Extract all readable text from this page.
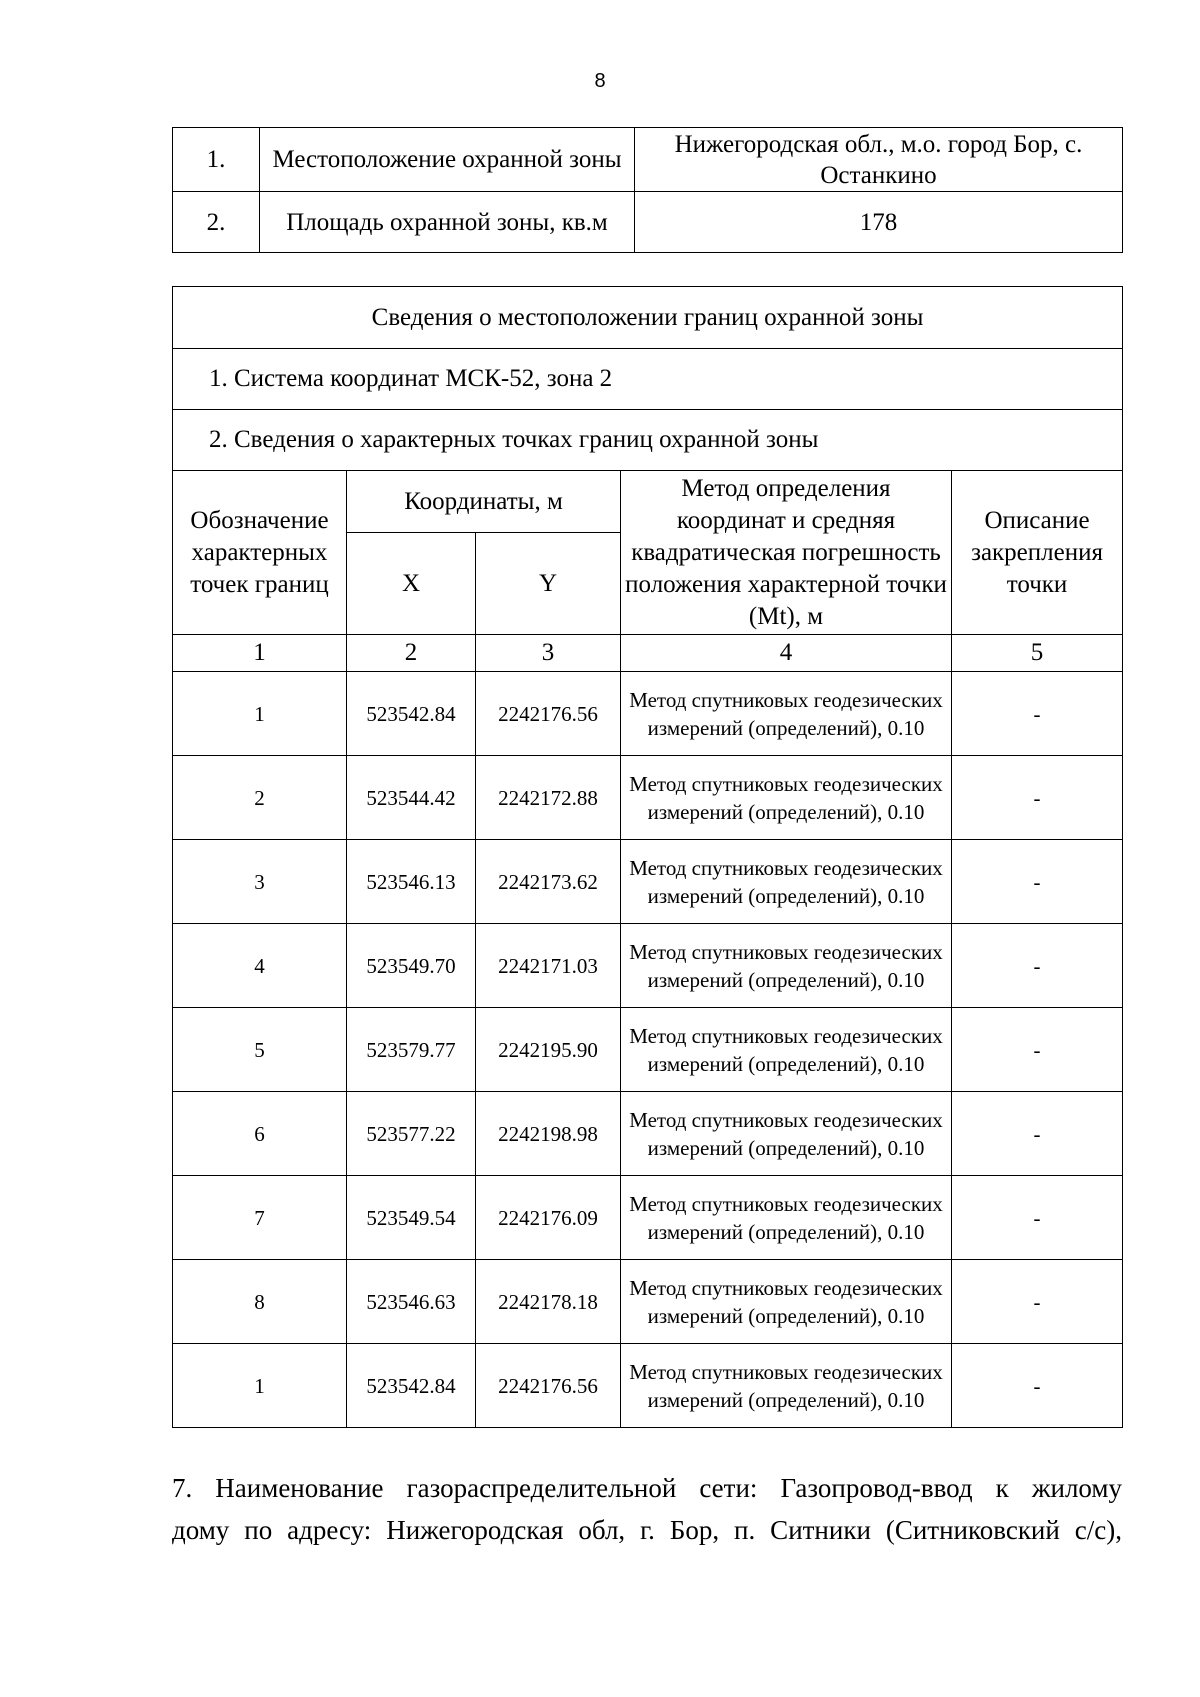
8
1.	Местоположение охранной зоны	Нижегородская обл., м.о. город Бор, с. Останкино
2.	Площадь охранной зоны, кв.м	178
Сведения о местоположении границ охранной зоны				
1. Система координат МСК-52, зона 2				
2. Сведения о характерных точках границ охранной зоны				
Обозначение характерных точек границ	Координаты, м		Метод определения координат и средняя квадратическая погрешность положения характерной точки (Mt), м	Описание закрепления точки
	X	Y		
1	2	3	4	5
1	523542.84	2242176.56	Метод спутниковых геодезических измерений (определений), 0.10	-
2	523544.42	2242172.88	Метод спутниковых геодезических измерений (определений), 0.10	-
3	523546.13	2242173.62	Метод спутниковых геодезических измерений (определений), 0.10	-
4	523549.70	2242171.03	Метод спутниковых геодезических измерений (определений), 0.10	-
5	523579.77	2242195.90	Метод спутниковых геодезических измерений (определений), 0.10	-
6	523577.22	2242198.98	Метод спутниковых геодезических измерений (определений), 0.10	-
7	523549.54	2242176.09	Метод спутниковых геодезических измерений (определений), 0.10	-
8	523546.63	2242178.18	Метод спутниковых геодезических измерений (определений), 0.10	-
1	523542.84	2242176.56	Метод спутниковых геодезических измерений (определений), 0.10	-
7. Наименование газораспределительной сети: Газопровод-ввод к жилому
дому по адресу: Нижегородская обл, г. Бор, п. Ситники (Ситниковский с/с),
